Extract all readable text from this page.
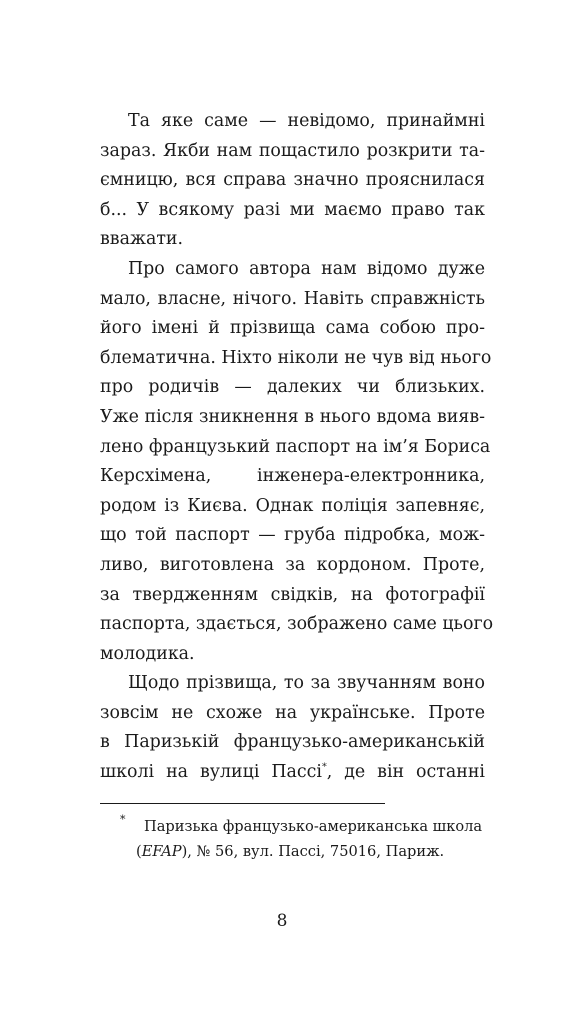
Та яке саме — невідомо, принаймні
зараз. Якби нам пощастило розкрити та-
ємницю, вся справа значно прояснилася
б... У всякому разі ми маємо право так
вважати.

Про самого автора нам відомо дуже
мало, власне, нічого. Навіть справжність
його імені й прізвища сама собою про-
блематична. Ніхто ніколи не чув від нього
про родичів — далеких чи близьких.
Уже після зникнення в нього вдома вияв-
лено французький паспорт на ім’я Бориса
Керсхімена, інженера-електронника,
родом із Києва. Однак поліція запевняє,
що той паспорт — груба підробка, мож-
ливо, виготовлена за кордоном. Проте,
за твердженням свідків, на фотографії
паспорта, здається, зображено саме цього
молодика.

Щодо прізвища, то за звучанням воно
зовсім не схоже на українське. Проте
в Паризькій французько-американській
школі на вулиці Пассі*, де він останні

*	Паризька французько-американська школа
(EFAP), № 56, вул. Пассі, 75016, Париж.
8
